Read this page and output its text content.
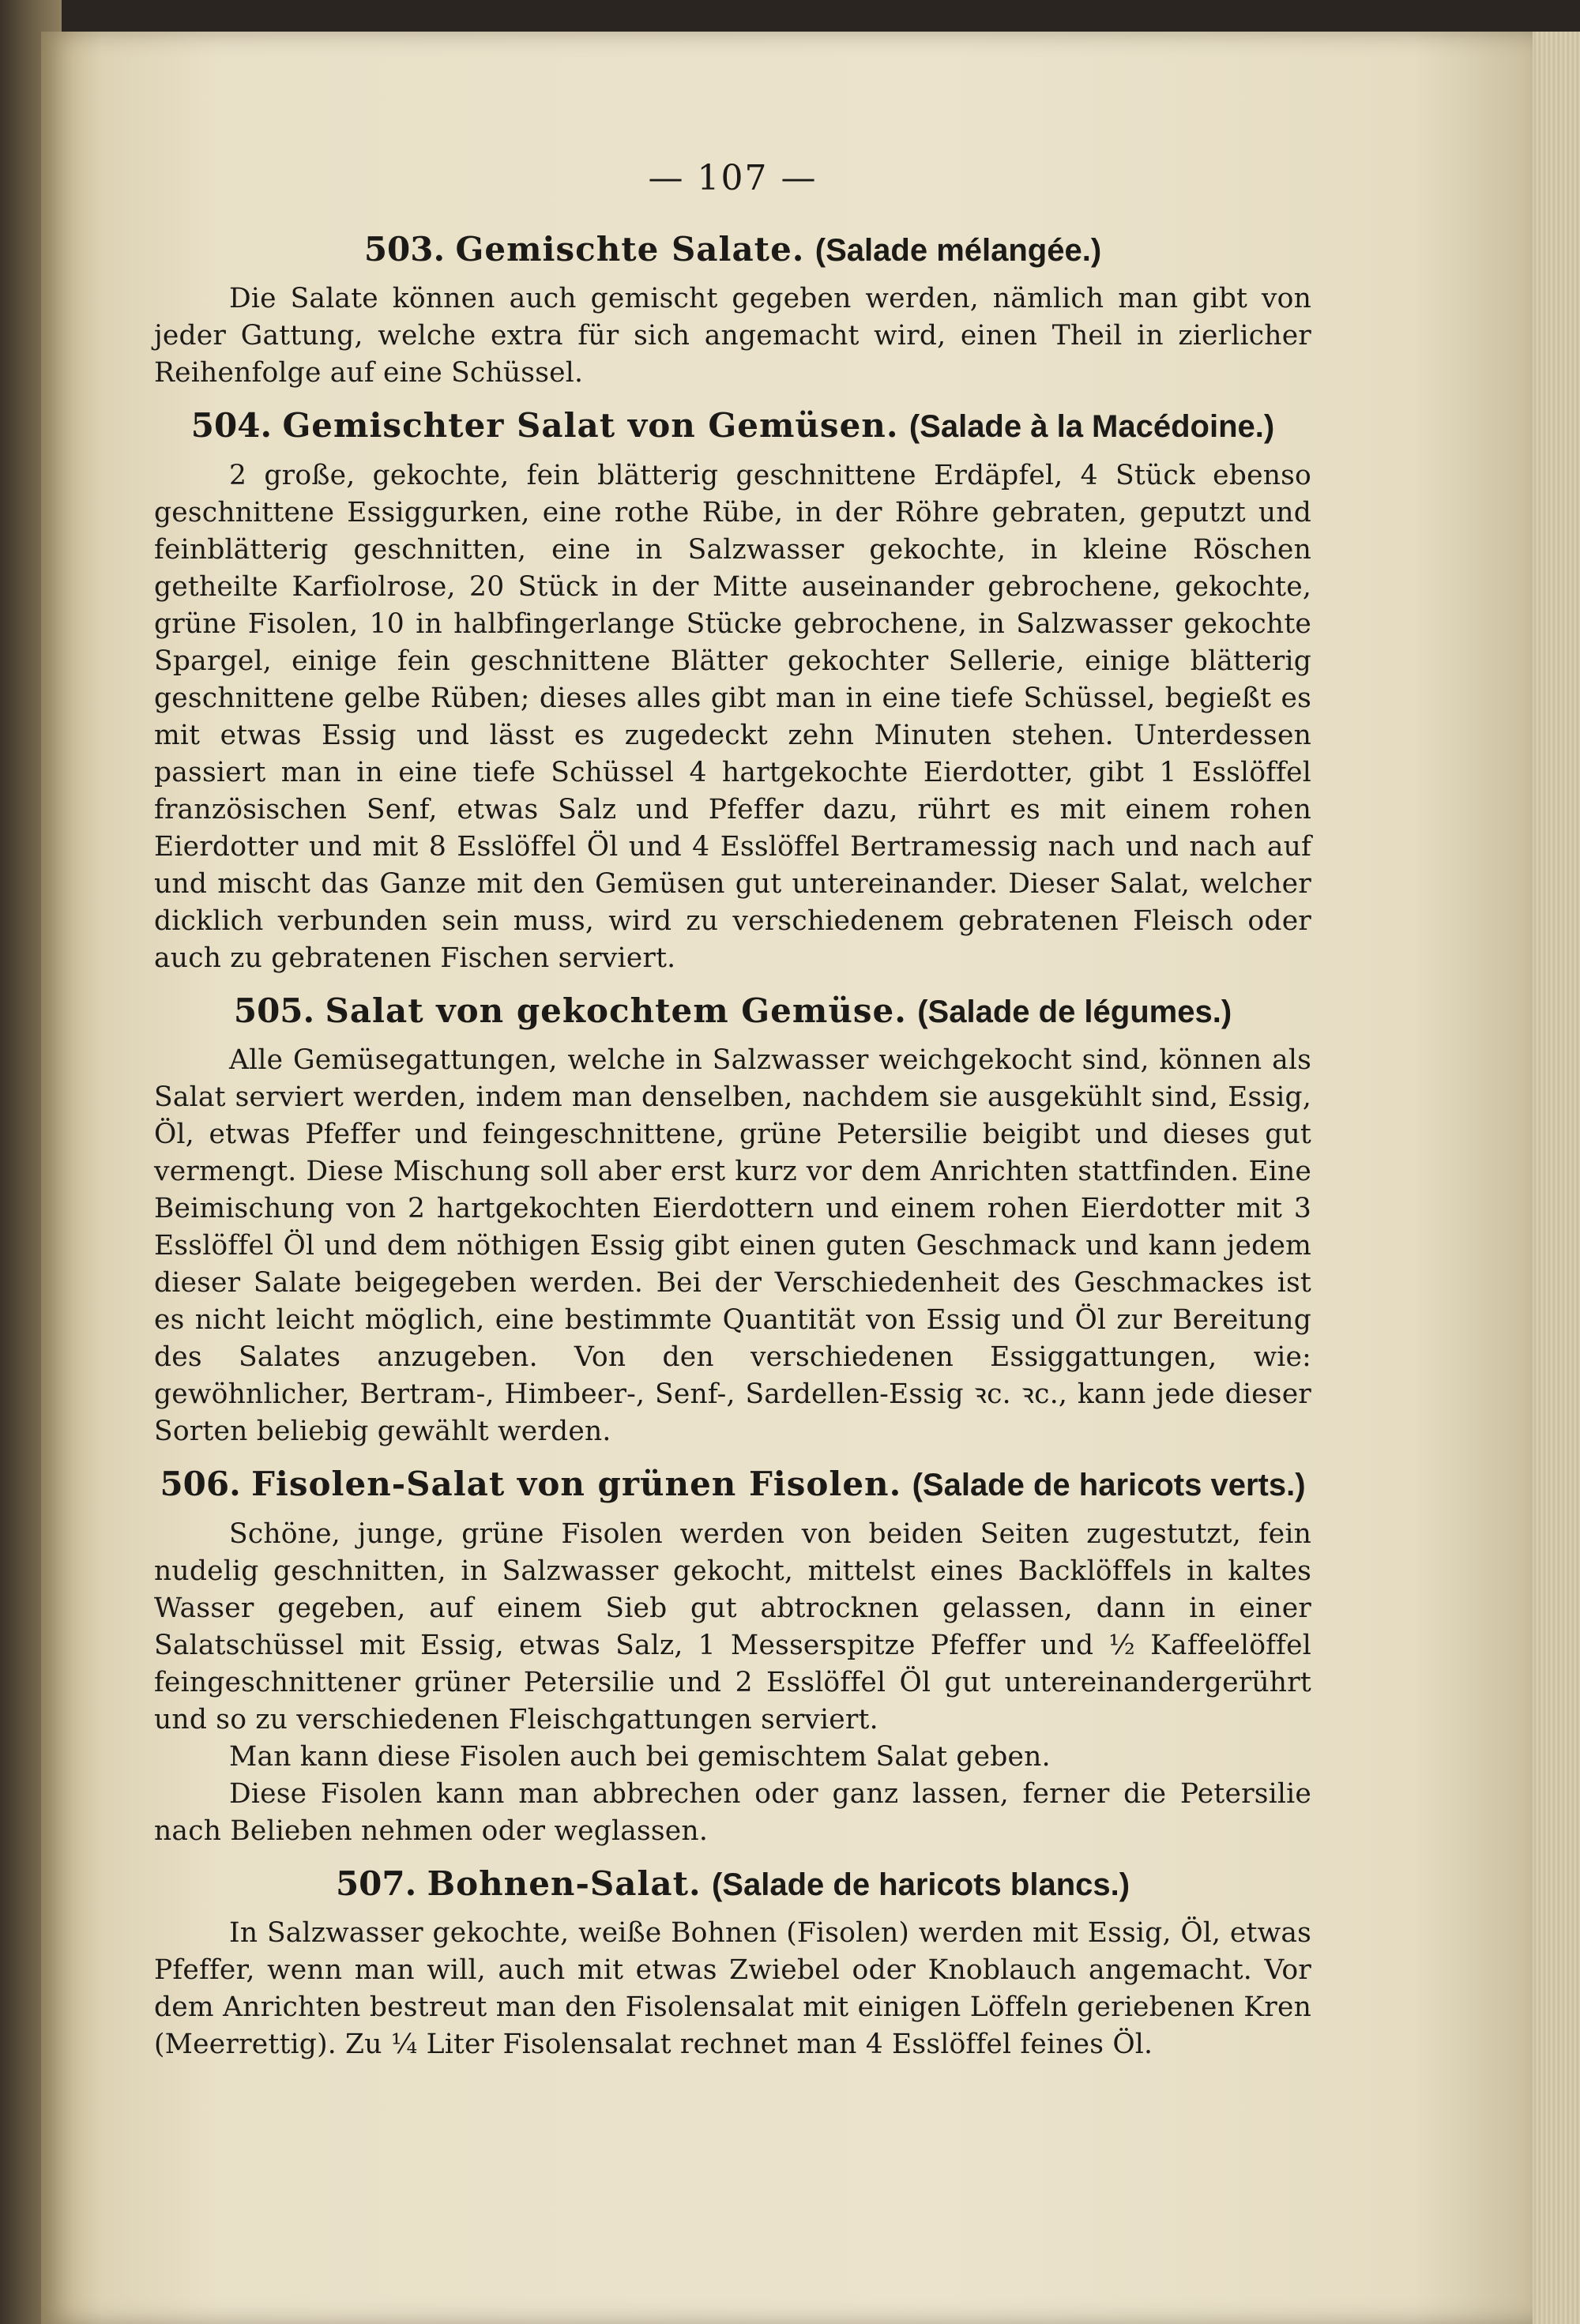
— 107 —
503. Gemischte Salate. (Salade mélangée.)

Die Salate können auch gemischt gegeben werden, nämlich man gibt von jeder Gattung, welche extra für sich angemacht wird, einen Theil in zierlicher Reihenfolge auf eine Schüssel.

504. Gemischter Salat von Gemüsen. (Salade à la Macédoine.)

2 große, gekochte, fein blätterig geschnittene Erdäpfel, 4 Stück ebenso geschnittene Essiggurken, eine rothe Rübe, in der Röhre gebraten, geputzt und feinblätterig geschnitten, eine in Salzwasser gekochte, in kleine Röschen getheilte Karfiolrose, 20 Stück in der Mitte auseinander gebrochene, gekochte, grüne Fisolen, 10 in halbfingerlange Stücke gebrochene, in Salzwasser gekochte Spargel, einige fein geschnittene Blätter gekochter Sellerie, einige blätterig geschnittene gelbe Rüben; dieses alles gibt man in eine tiefe Schüssel, begießt es mit etwas Essig und lässt es zugedeckt zehn Minuten stehen. Unterdessen passiert man in eine tiefe Schüssel 4 hartgekochte Eierdotter, gibt 1 Esslöffel französischen Senf, etwas Salz und Pfeffer dazu, rührt es mit einem rohen Eierdotter und mit 8 Esslöffel Öl und 4 Esslöffel Bertramessig nach und nach auf und mischt das Ganze mit den Gemüsen gut untereinander. Dieser Salat, welcher dicklich verbunden sein muss, wird zu verschiedenem gebratenen Fleisch oder auch zu gebratenen Fischen serviert.

505. Salat von gekochtem Gemüse. (Salade de légumes.)

Alle Gemüsegattungen, welche in Salzwasser weichgekocht sind, können als Salat serviert werden, indem man denselben, nachdem sie ausgekühlt sind, Essig, Öl, etwas Pfeffer und feingeschnittene, grüne Petersilie beigibt und dieses gut vermengt. Diese Mischung soll aber erst kurz vor dem Anrichten stattfinden. Eine Beimischung von 2 hartgekochten Eierdottern und einem rohen Eierdotter mit 3 Esslöffel Öl und dem nöthigen Essig gibt einen guten Geschmack und kann jedem dieser Salate beigegeben werden. Bei der Verschiedenheit des Geschmackes ist es nicht leicht möglich, eine bestimmte Quantität von Essig und Öl zur Bereitung des Salates anzugeben. Von den verschiedenen Essiggattungen, wie: gewöhnlicher, Bertram-, Himbeer-, Senf-, Sardellen-Essig ꝛc. ꝛc., kann jede dieser Sorten beliebig gewählt werden.

506. Fisolen-Salat von grünen Fisolen. (Salade de haricots verts.)

Schöne, junge, grüne Fisolen werden von beiden Seiten zugestutzt, fein nudelig geschnitten, in Salzwasser gekocht, mittelst eines Backlöffels in kaltes Wasser gegeben, auf einem Sieb gut abtrocknen gelassen, dann in einer Salatschüssel mit Essig, etwas Salz, 1 Messerspitze Pfeffer und ½ Kaffeelöffel feingeschnittener grüner Petersilie und 2 Esslöffel Öl gut untereinandergerührt und so zu verschiedenen Fleischgattungen serviert.

Man kann diese Fisolen auch bei gemischtem Salat geben.

Diese Fisolen kann man abbrechen oder ganz lassen, ferner die Petersilie nach Belieben nehmen oder weglassen.

507. Bohnen-Salat. (Salade de haricots blancs.)

In Salzwasser gekochte, weiße Bohnen (Fisolen) werden mit Essig, Öl, etwas Pfeffer, wenn man will, auch mit etwas Zwiebel oder Knoblauch angemacht. Vor dem Anrichten bestreut man den Fisolensalat mit einigen Löffeln geriebenen Kren (Meerrettig). Zu ¼ Liter Fisolensalat rechnet man 4 Esslöffel feines Öl.
